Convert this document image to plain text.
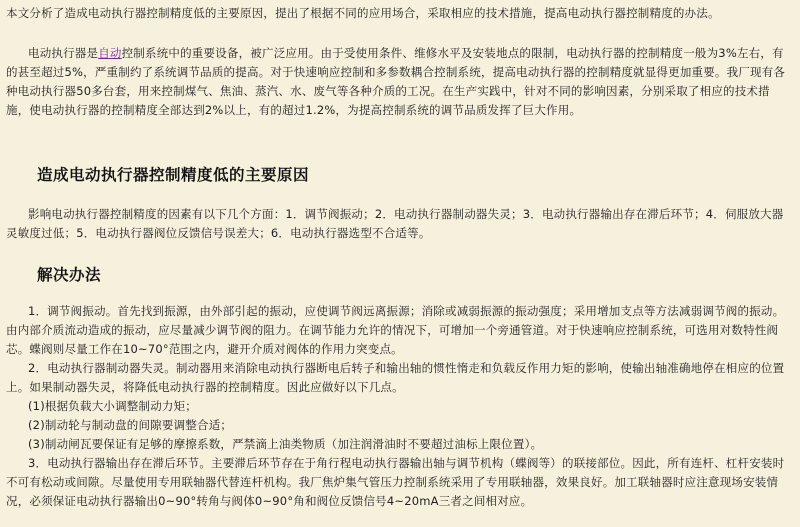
本文分析了造成电动执行器控制精度低的主要原因，提出了根据不同的应用场合，采取相应的技术措施，提高电动执行器控制精度的办法。

电动执行器是自动控制系统中的重要设备，被广泛应用。由于受使用条件、维修水平及安装地点的限制，电动执行器的控制精度一般为3%左右，有的甚至超过5%，严重制约了系统调节品质的提高。对于快速响应控制和多参数耦合控制系统，提高电动执行器的控制精度就显得更加重要。我厂现有各种电动执行器50多台套，用来控制煤气、焦油、蒸汽、水、废气等各种介质的工况。在生产实践中，针对不同的影响因素，分别采取了相应的技术措施，使电动执行器的控制精度全部达到2%以上，有的超过1.2%，为提高控制系统的调节品质发挥了巨大作用。

造成电动执行器控制精度低的主要原因

影响电动执行器控制精度的因素有以下几个方面：1．调节阀振动；2．电动执行器制动器失灵；3．电动执行器输出存在滞后环节；4．伺服放大器灵敏度过低；5．电动执行器阀位反馈信号误差大；6．电动执行器选型不合适等。

解决办法

1．调节阀振动。首先找到振源，由外部引起的振动，应使调节阀远离振源；消除或减弱振源的振动强度；采用增加支点等方法减弱调节阀的振动。由内部介质流动造成的振动，应尽量减少调节阀的阻力。在调节能力允许的情况下，可增加一个旁通管道。对于快速响应控制系统，可选用对数特性阀芯。蝶阀则尽量工作在10~70°范围之内，避开介质对阀体的作用力突变点。

2．电动执行器制动器失灵。制动器用来消除电动执行器断电后转子和输出轴的惯性惰走和负载反作用力矩的影响，使输出轴准确地停在相应的位置上。如果制动器失灵，将降低电动执行器的控制精度。因此应做好以下几点。

(1)根据负载大小调整制动力矩；

(2)制动轮与制动盘的间隙要调整合适；

(3)制动闸瓦要保证有足够的摩擦系数，严禁滴上油类物质（加注润滑油时不要超过油标上限位置）。

3．电动执行器输出存在滞后环节。主要滞后环节存在于角行程电动执行器输出轴与调节机构（蝶阀等）的联接部位。因此，所有连杆、杠杆安装时不可有松动或间隙。尽量使用专用联轴器代替连杆机构。我厂焦炉集气管压力控制系统采用了专用联轴器，效果良好。加工联轴器时应注意现场安装情况，必须保证电动执行器输出0~90°转角与阀体0~90°角和阀位反馈信号4~20mA三者之间相对应。
